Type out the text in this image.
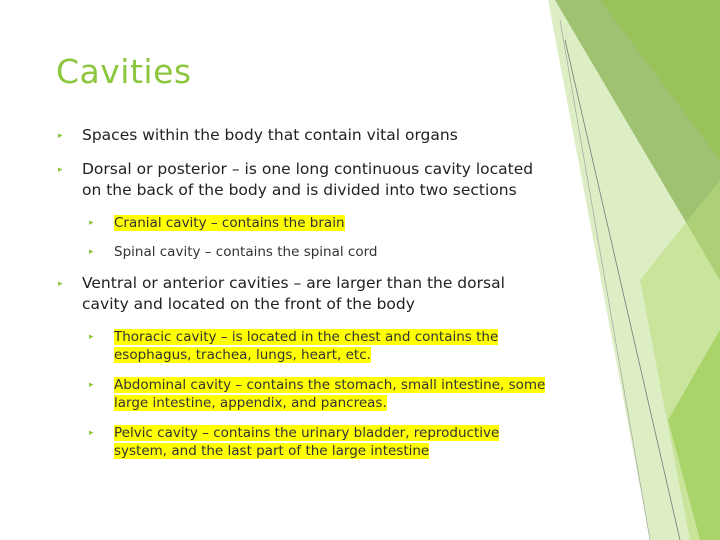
Cavities
▸ Spaces within the body that contain vital organs
▸ Dorsal or posterior – is one long continuous cavity located on the back of the body and is divided into two sections
▸ Cranial cavity – contains the brain
▸ Spinal cavity – contains the spinal cord
▸ Ventral or anterior cavities – are larger than the dorsal cavity and located on the front of the body
▸ Thoracic cavity – is located in the chest and contains the esophagus, trachea, lungs, heart, etc.
▸ Abdominal cavity – contains the stomach, small intestine, some large intestine, appendix, and pancreas.
▸ Pelvic cavity – contains the urinary bladder, reproductive system, and the last part of the large intestine
